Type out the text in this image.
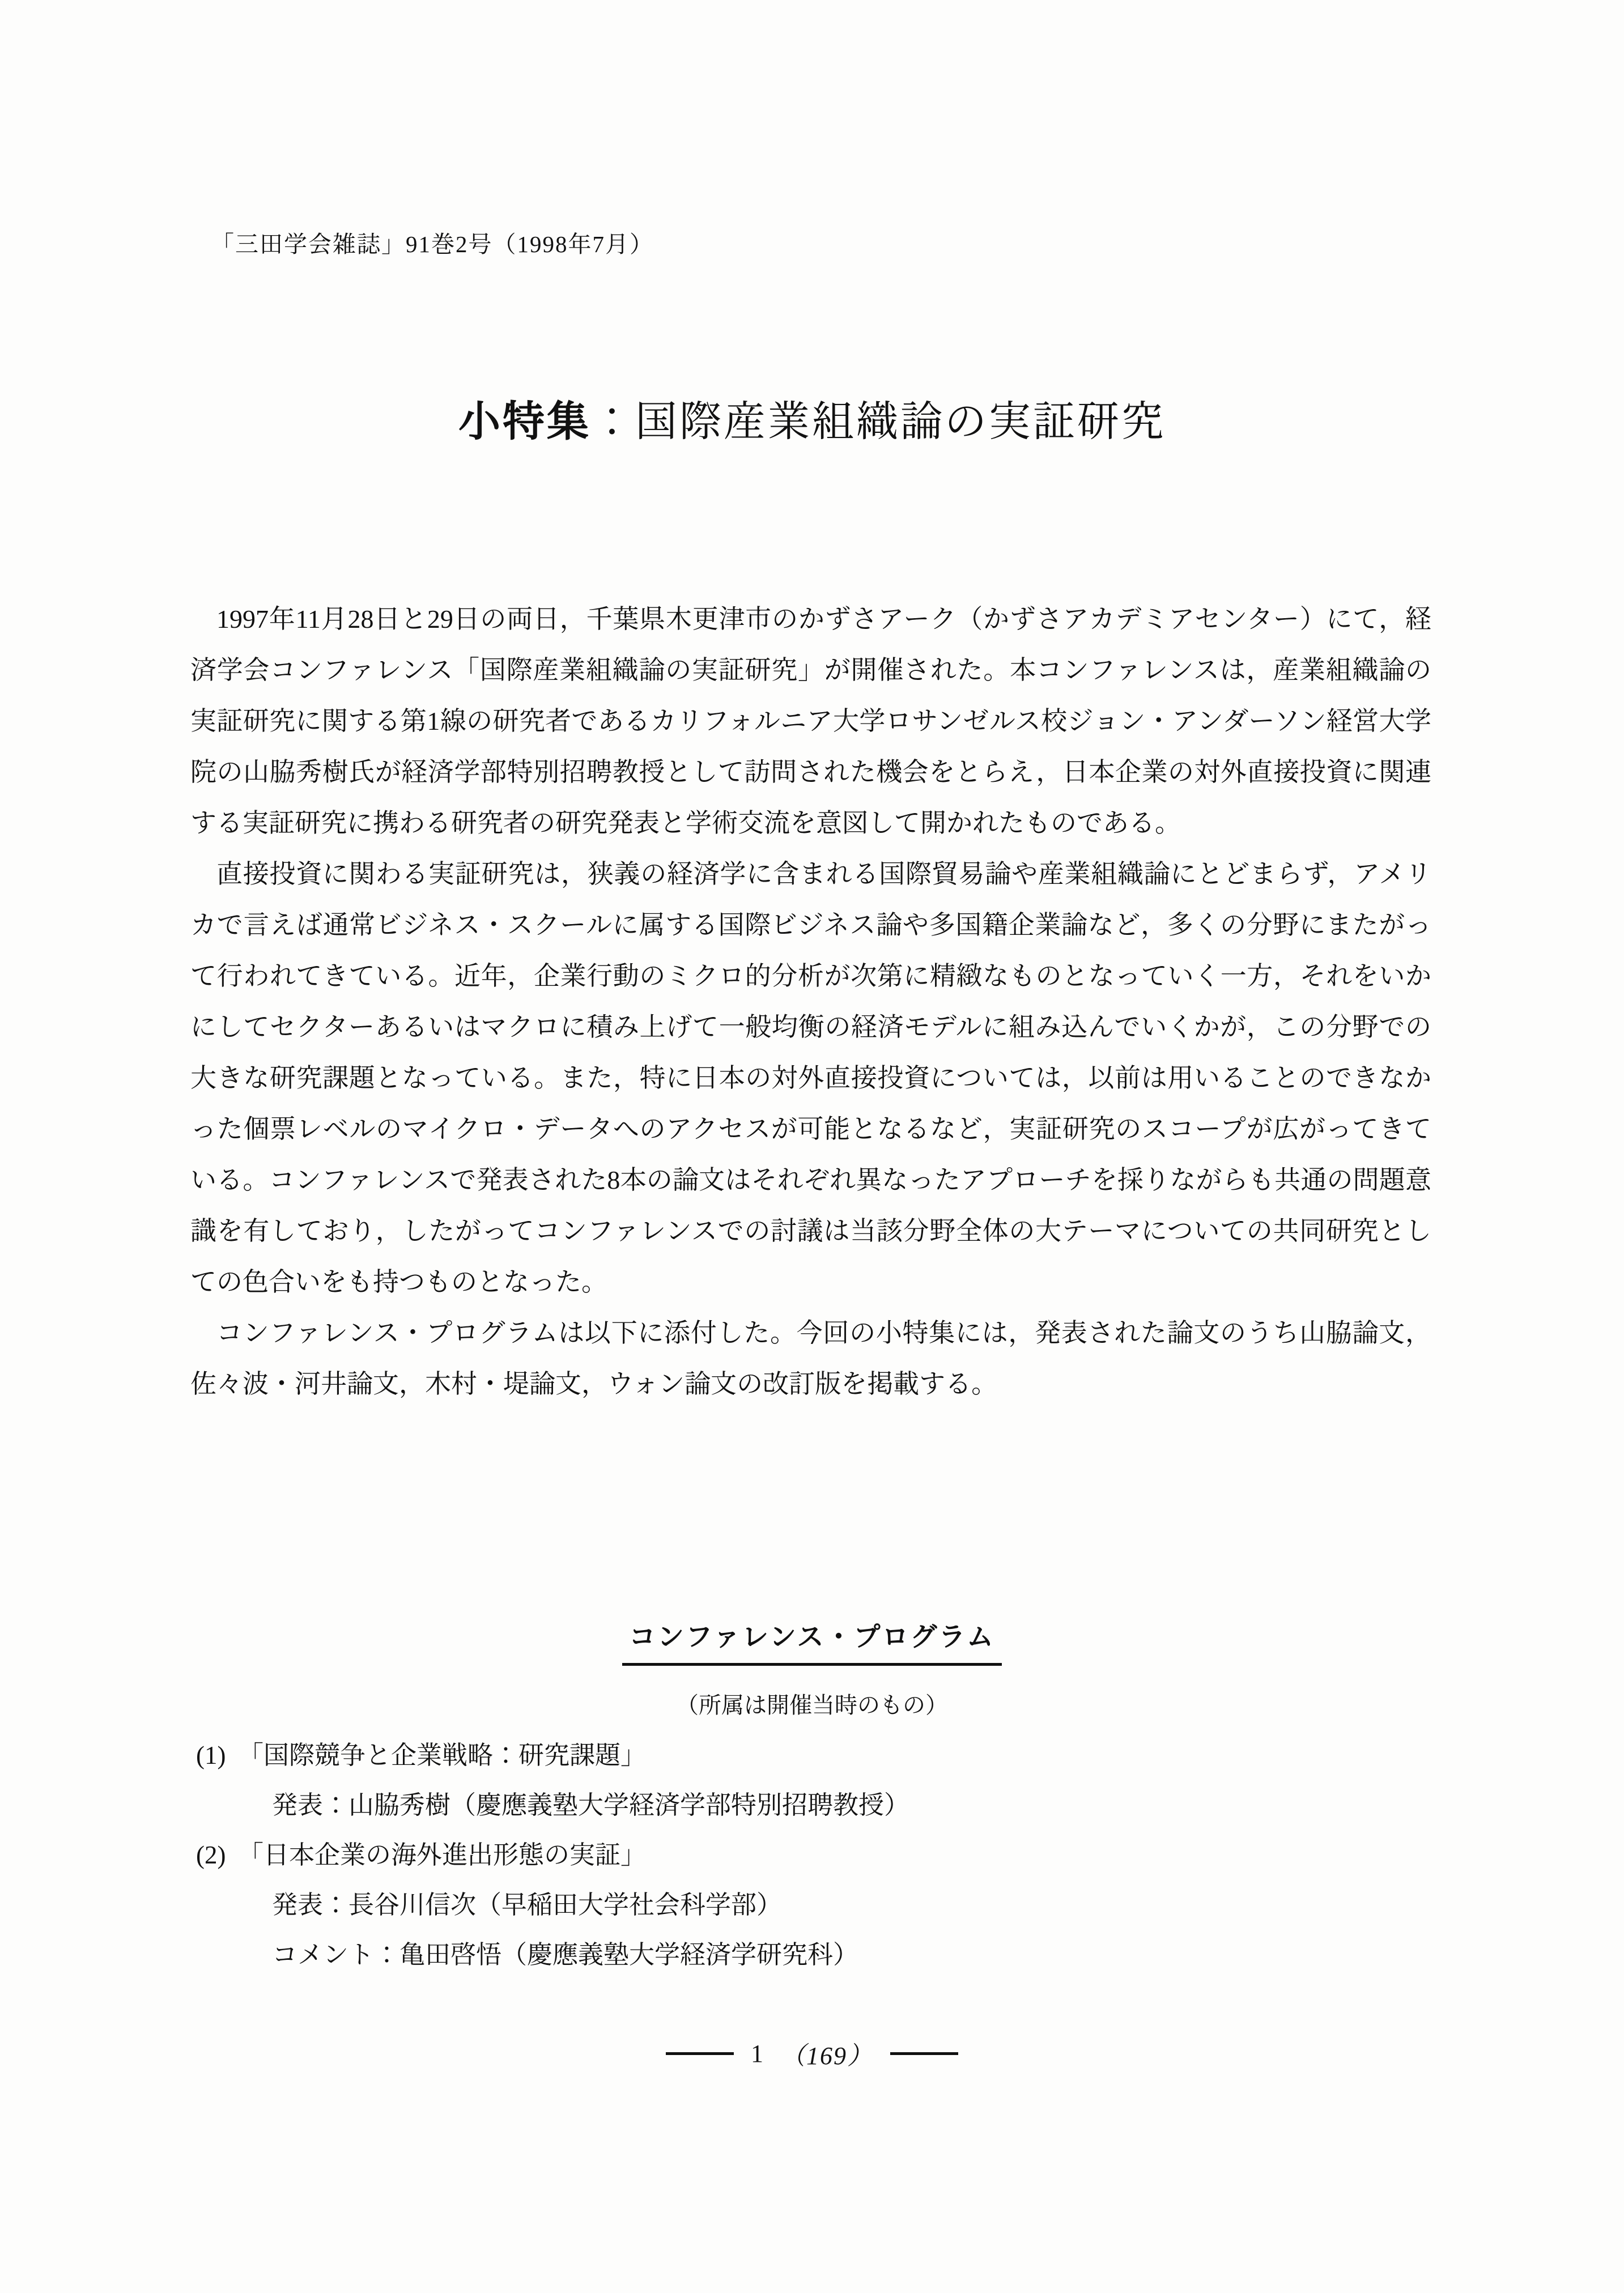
「三田学会雑誌」91巻2号（1998年7月）
小特集：国際産業組織論の実証研究

1997年11月28日と29日の両日，千葉県木更津市のかずさアーク（かずさアカデミアセンター）にて，経済学会コンファレンス「国際産業組織論の実証研究」が開催された。本コンファレンスは，産業組織論の実証研究に関する第1線の研究者であるカリフォルニア大学ロサンゼルス校ジョン・アンダーソン経営大学院の山脇秀樹氏が経済学部特別招聘教授として訪問された機会をとらえ，日本企業の対外直接投資に関連する実証研究に携わる研究者の研究発表と学術交流を意図して開かれたものである。

直接投資に関わる実証研究は，狭義の経済学に含まれる国際貿易論や産業組織論にとどまらず，アメリカで言えば通常ビジネス・スクールに属する国際ビジネス論や多国籍企業論など，多くの分野にまたがって行われてきている。近年，企業行動のミクロ的分析が次第に精緻なものとなっていく一方，それをいかにしてセクターあるいはマクロに積み上げて一般均衡の経済モデルに組み込んでいくかが，この分野での大きな研究課題となっている。また，特に日本の対外直接投資については，以前は用いることのできなかった個票レベルのマイクロ・データへのアクセスが可能となるなど，実証研究のスコープが広がってきている。コンファレンスで発表された8本の論文はそれぞれ異なったアプローチを採りながらも共通の問題意識を有しており，したがってコンファレンスでの討議は当該分野全体の大テーマについての共同研究としての色合いをも持つものとなった。

コンファレンス・プログラムは以下に添付した。今回の小特集には，発表された論文のうち山脇論文，佐々波・河井論文，木村・堤論文，ウォン論文の改訂版を掲載する。

コンファレンス・プログラム
（所属は開催当時のもの）
(1) 「国際競争と企業戦略：研究課題」
発表：山脇秀樹（慶應義塾大学経済学部特別招聘教授）
(2) 「日本企業の海外進出形態の実証」
発表：長谷川信次（早稲田大学社会科学部）
コメント：亀田啓悟（慶應義塾大学経済学研究科）
1 （169）
